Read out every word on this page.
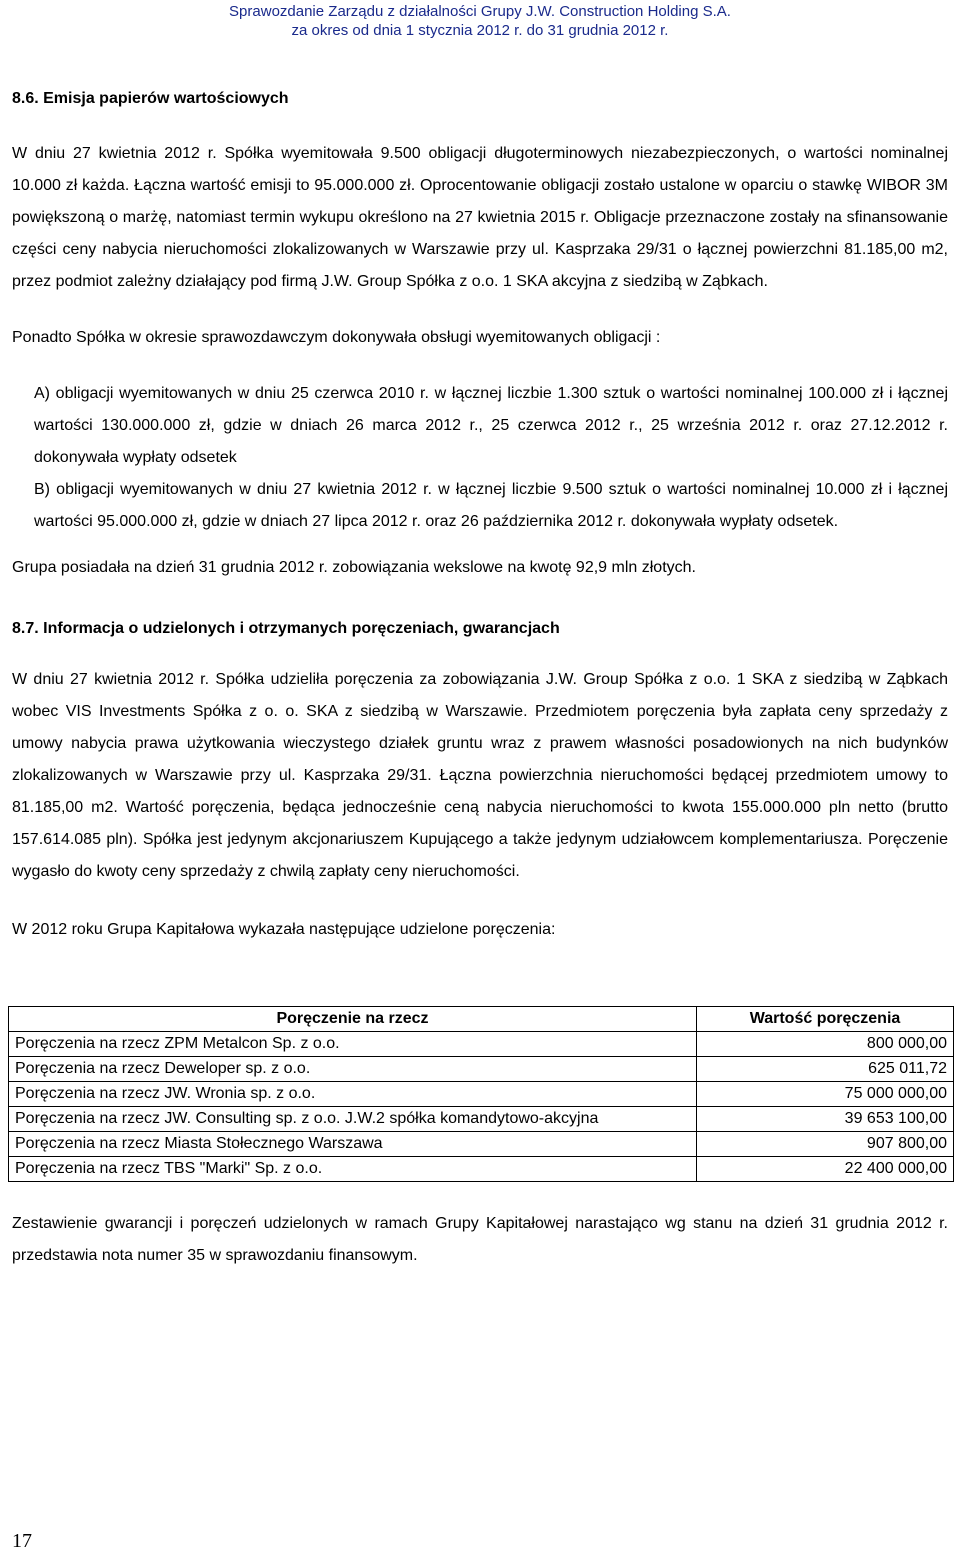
Sprawozdanie Zarządu z działalności Grupy J.W. Construction Holding S.A.
za okres od dnia 1 stycznia 2012 r. do 31 grudnia 2012 r.
8.6. Emisja papierów wartościowych

W dniu 27 kwietnia 2012 r. Spółka wyemitowała 9.500 obligacji długoterminowych niezabezpieczonych, o wartości nominalnej 10.000 zł każda. Łączna wartość emisji to 95.000.000 zł. Oprocentowanie obligacji zostało ustalone w oparciu o stawkę WIBOR 3M powiększoną o marżę, natomiast termin wykupu określono na 27 kwietnia 2015 r. Obligacje przeznaczone zostały na sfinansowanie części ceny nabycia nieruchomości zlokalizowanych w Warszawie przy ul. Kasprzaka 29/31 o łącznej powierzchni 81.185,00 m2, przez podmiot zależny działający pod firmą J.W. Group Spółka z o.o. 1 SKA akcyjna z siedzibą w Ząbkach.

Ponadto Spółka w okresie sprawozdawczym dokonywała obsługi wyemitowanych obligacji :

A) obligacji wyemitowanych w dniu 25 czerwca 2010 r. w łącznej liczbie 1.300 sztuk o wartości nominalnej 100.000 zł i łącznej wartości 130.000.000 zł, gdzie w dniach 26 marca 2012 r., 25 czerwca 2012 r., 25 września 2012 r. oraz 27.12.2012 r. dokonywała wypłaty odsetek

B) obligacji wyemitowanych w dniu 27 kwietnia 2012 r. w łącznej liczbie 9.500 sztuk o wartości nominalnej 10.000 zł i łącznej wartości 95.000.000 zł, gdzie w dniach 27 lipca 2012 r. oraz 26 października 2012 r. dokonywała wypłaty odsetek.

Grupa posiadała na dzień 31 grudnia 2012 r. zobowiązania wekslowe na kwotę 92,9 mln złotych.

8.7. Informacja o udzielonych i otrzymanych poręczeniach, gwarancjach

W dniu 27 kwietnia 2012 r. Spółka udzieliła poręczenia za zobowiązania J.W. Group Spółka z o.o. 1 SKA z siedzibą w Ząbkach wobec VIS Investments Spółka z o. o. SKA z siedzibą w Warszawie. Przedmiotem poręczenia była zapłata ceny sprzedaży z umowy nabycia prawa użytkowania wieczystego działek gruntu wraz z prawem własności posadowionych na nich budynków zlokalizowanych w Warszawie przy ul. Kasprzaka 29/31. Łączna powierzchnia nieruchomości będącej przedmiotem umowy to 81.185,00 m2. Wartość poręczenia, będąca jednocześnie ceną nabycia nieruchomości to kwota 155.000.000 pln netto (brutto 157.614.085 pln). Spółka jest jedynym akcjonariuszem Kupującego a także jedynym udziałowcem komplementariusza. Poręczenie wygasło do kwoty ceny sprzedaży z chwilą zapłaty ceny nieruchomości.

W 2012 roku Grupa Kapitałowa wykazała następujące udzielone poręczenia:

Poręczenie na rzecz	Wartość poręczenia
Poręczenia na rzecz ZPM Metalcon Sp. z o.o.	800 000,00
Poręczenia na rzecz Deweloper sp. z o.o.	625 011,72
Poręczenia na rzecz JW. Wronia sp. z o.o.	75 000 000,00
Poręczenia na rzecz JW. Consulting sp. z o.o. J.W.2 spółka komandytowo-akcyjna	39 653 100,00
Poręczenia na rzecz Miasta Stołecznego Warszawa	907 800,00
Poręczenia na rzecz TBS "Marki" Sp. z o.o.	22 400 000,00

Zestawienie gwarancji i poręczeń udzielonych w ramach Grupy Kapitałowej narastająco wg stanu na dzień 31 grudnia 2012 r. przedstawia nota numer 35 w sprawozdaniu finansowym.

17
